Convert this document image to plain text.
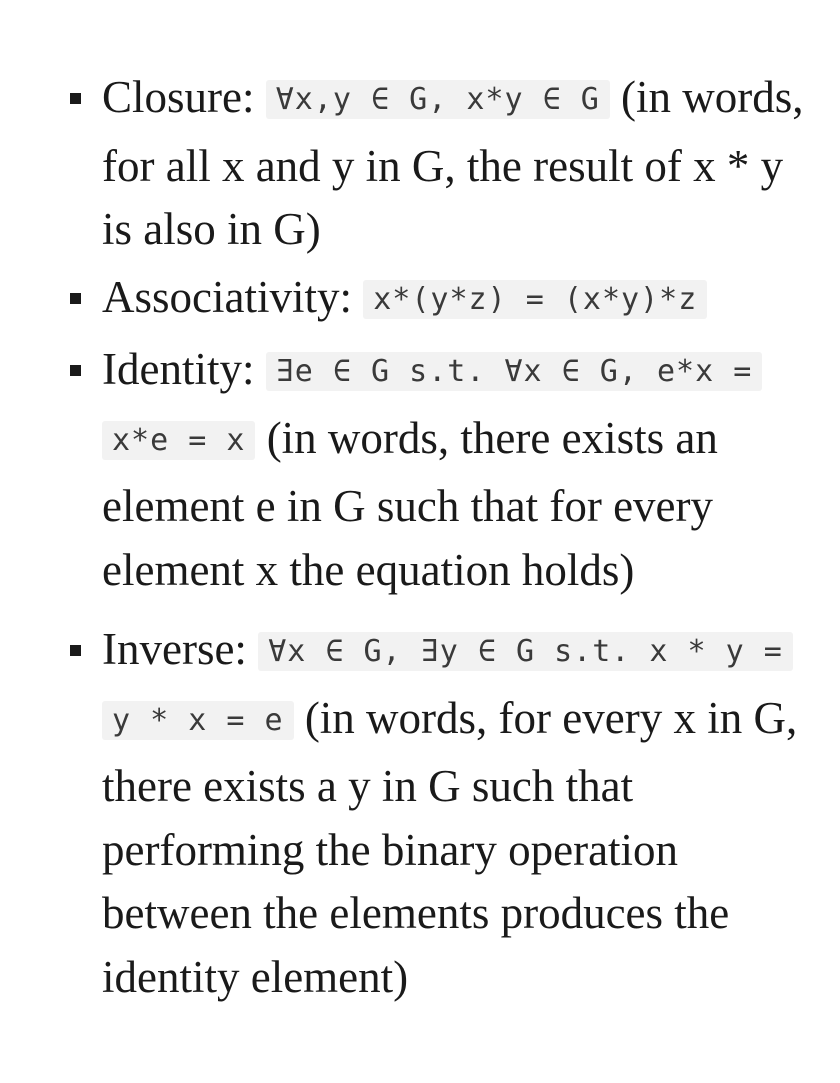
Closure: ∀x,y ∈ G, x*y ∈ G (in words, for all x and y in G, the result of x * y is also in G)
Associativity: x*(y*z) = (x*y)*z
Identity: ∃e ∈ G s.t. ∀x ∈ G, e*x = x*e = x (in words, there exists an element e in G such that for every element x the equation holds)
Inverse: ∀x ∈ G, ∃y ∈ G s.t. x * y = y * x = e (in words, for every x in G, there exists a y in G such that performing the binary operation between the elements produces the identity element)
